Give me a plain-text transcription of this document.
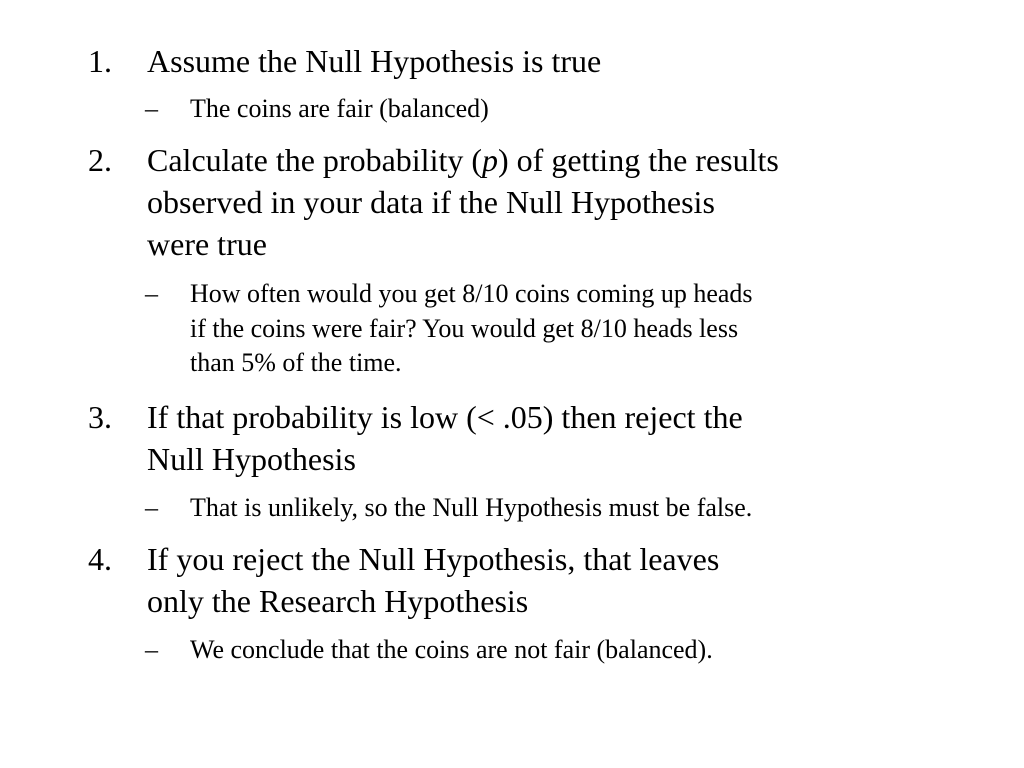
1. Assume the Null Hypothesis is true
– The coins are fair (balanced)
2. Calculate the probability (p) of getting the results
observed in your data if the Null Hypothesis
were true
– How often would you get 8/10 coins coming up heads
if the coins were fair? You would get 8/10 heads less
than 5% of the time.
3. If that probability is low (< .05) then reject the
Null Hypothesis
– That is unlikely, so the Null Hypothesis must be false.
4. If you reject the Null Hypothesis, that leaves
only the Research Hypothesis
– We conclude that the coins are not fair (balanced).
